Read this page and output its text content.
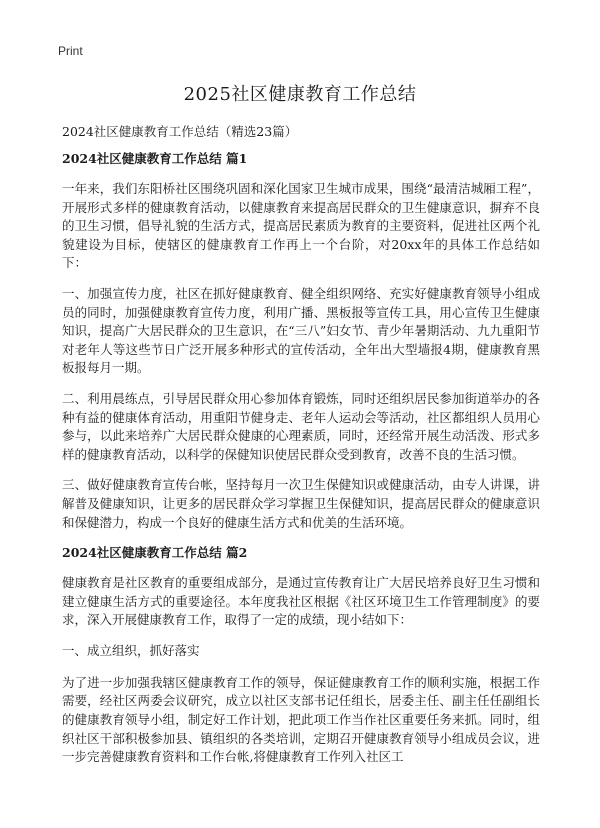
Print
2025社区健康教育工作总结
2024社区健康教育工作总结（精选23篇）
2024社区健康教育工作总结 篇1

一年来，我们东阳桥社区围绕巩固和深化国家卫生城市成果，围绕“最清洁城厢工程”，开展形式多样的健康教育活动，以健康教育来提高居民群众的卫生健康意识，摒弃不良的卫生习惯，倡导礼貌的生活方式，提高居民素质为教育的主要资料，促进社区两个礼貌建设为目标，使辖区的健康教育工作再上一个台阶，对20xx年的具体工作总结如下：

一、加强宣传力度，社区在抓好健康教育、健全组织网络、充实好健康教育领导小组成员的同时，加强健康教育宣传力度，利用广播、黑板报等宣传工具，用心宣传卫生健康知识，提高广大居民群众的卫生意识，在“三八”妇女节、青少年暑期活动、九九重阳节对老年人等这些节日广泛开展多种形式的宣传活动，全年出大型墙报4期，健康教育黑板报每月一期。

二、利用晨练点，引导居民群众用心参加体育锻炼，同时还组织居民参加街道举办的各种有益的健康体育活动，用重阳节健身走、老年人运动会等活动，社区都组织人员用心参与，以此来培养广大居民群众健康的心理素质，同时，还经常开展生动活泼、形式多样的健康教育活动，以科学的保健知识使居民群众受到教育，改善不良的生活习惯。

三、做好健康教育宣传台帐，坚持每月一次卫生保健知识或健康活动，由专人讲课，讲解普及健康知识，让更多的居民群众学习掌握卫生保健知识，提高居民群众的健康意识和保健潜力，构成一个良好的健康生活方式和优美的生活环境。

2024社区健康教育工作总结 篇2

健康教育是社区教育的重要组成部分，是通过宣传教育让广大居民培养良好卫生习惯和建立健康生活方式的重要途径。本年度我社区根据《社区环境卫生工作管理制度》的要求，深入开展健康教育工作，取得了一定的成绩，现小结如下：

一、成立组织，抓好落实

为了进一步加强我辖区健康教育工作的领导，保证健康教育工作的顺利实施，根据工作需要，经社区两委会议研究，成立以社区支部书记任组长，居委主任、副主任任副组长的健康教育领导小组，制定好工作计划，把此项工作当作社区重要任务来抓。同时，组织社区干部积极参加县、镇组织的各类培训，定期召开健康教育领导小组成员会议，进一步完善健康教育资料和工作台帐,将健康教育工作列入社区工
